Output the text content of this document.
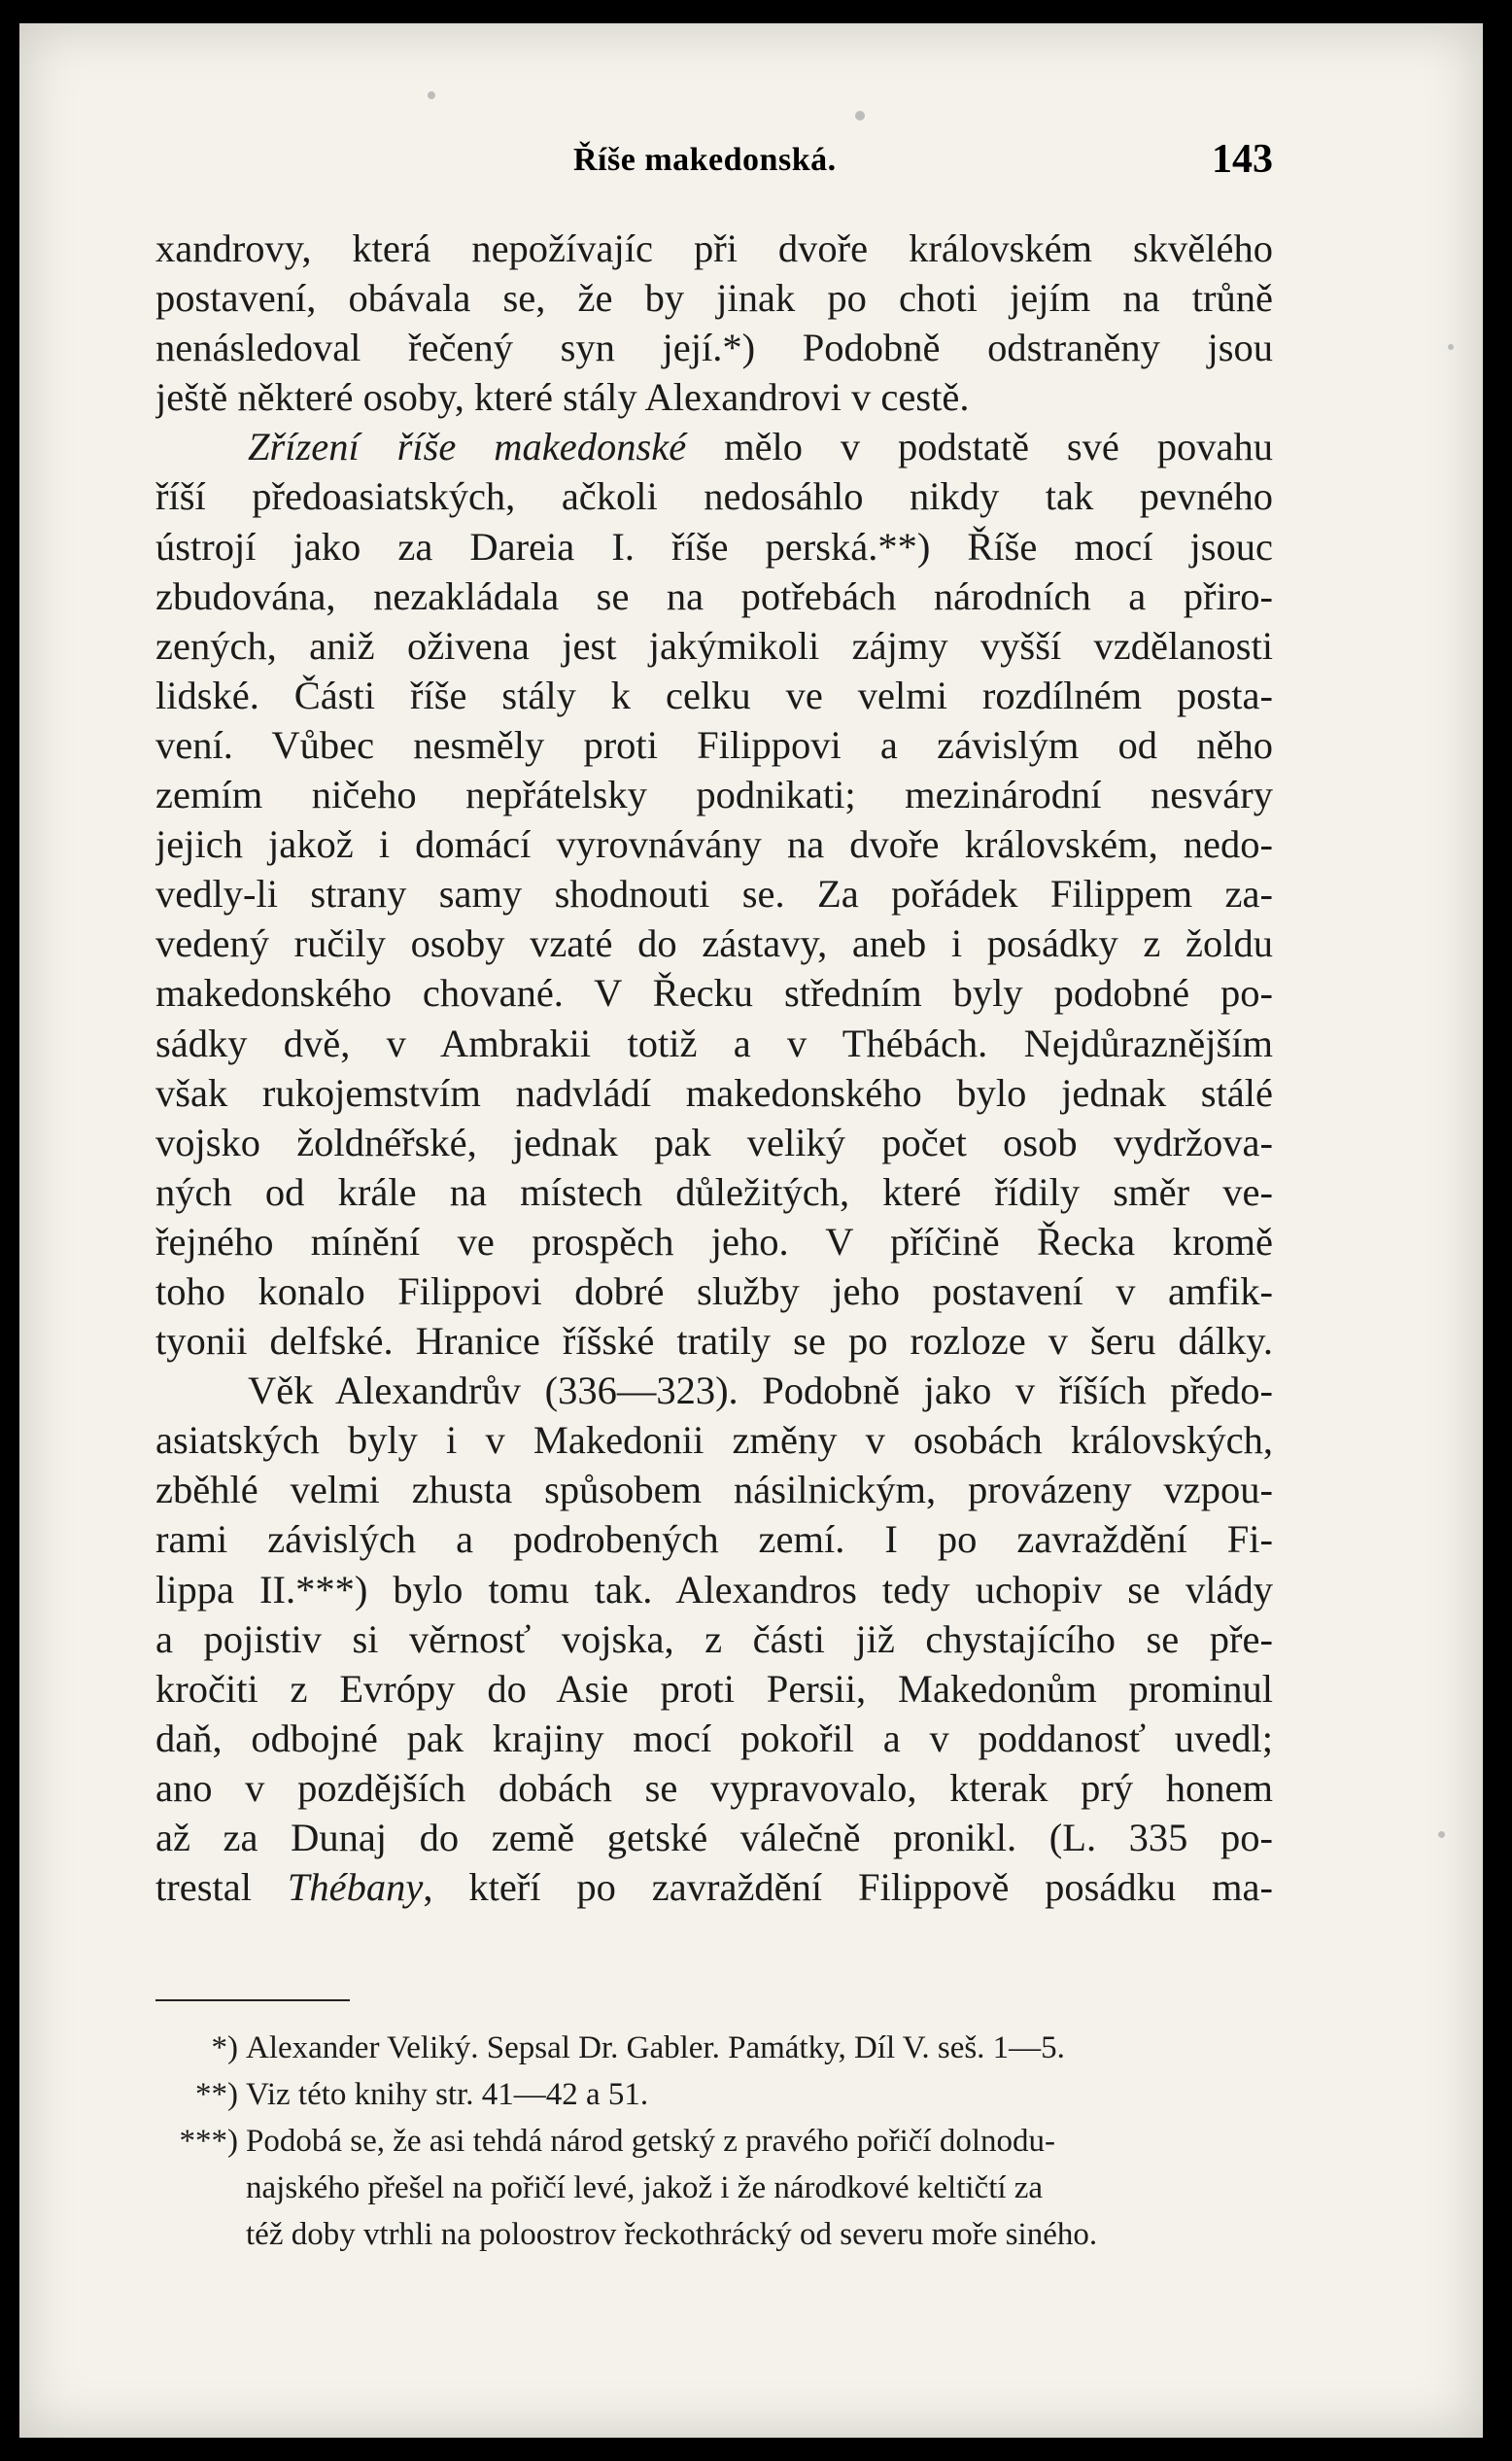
Říše makedonská.	143
xandrovy, která nepožívajíc při dvoře královském skvělého
postavení, obávala se, že by jinak po choti jejím na trůně
nenásledoval řečený syn její.*) Podobně odstraněny jsou
ještě některé osoby, které stály Alexandrovi v cestě.
Zřízení říše makedonské mělo v podstatě své povahu
říší předoasiatských, ačkoli nedosáhlo nikdy tak pevného
ústrojí jako za Dareia I. říše perská.**) Říše mocí jsouc
zbudována, nezakládala se na potřebách národních a přiro-
zených, aniž oživena jest jakýmikoli zájmy vyšší vzdělanosti
lidské. Části říše stály k celku ve velmi rozdílném posta-
vení. Vůbec nesměly proti Filippovi a závislým od něho
zemím ničeho nepřátelsky podnikati; mezinárodní nesváry
jejich jakož i domácí vyrovnávány na dvoře královském, nedo-
vedly-li strany samy shodnouti se. Za pořádek Filippem za-
vedený ručily osoby vzaté do zástavy, aneb i posádky z žoldu
makedonského chované. V Řecku středním byly podobné po-
sádky dvě, v Ambrakii totiž a v Thébách. Nejdůraznějším
však rukojemstvím nadvládí makedonského bylo jednak stálé
vojsko žoldnéřské, jednak pak veliký počet osob vydržova-
ných od krále na místech důležitých, které řídily směr ve-
řejného mínění ve prospěch jeho. V příčině Řecka kromě
toho konalo Filippovi dobré služby jeho postavení v amfik-
tyonii delfské. Hranice říšské tratily se po rozloze v šeru dálky.
Věk Alexandrův (336—323). Podobně jako v říších předo-
asiatských byly i v Makedonii změny v osobách královských,
zběhlé velmi zhusta spůsobem násilnickým, provázeny vzpou-
rami závislých a podrobených zemí. I po zavraždění Fi-
lippa II.***) bylo tomu tak. Alexandros tedy uchopiv se vlády
a pojistiv si věrnosť vojska, z části již chystajícího se pře-
kročiti z Evrópy do Asie proti Persii, Makedonům prominul
daň, odbojné pak krajiny mocí pokořil a v poddanosť uvedl;
ano v pozdějších dobách se vypravovalo, kterak prý honem
až za Dunaj do země getské válečně pronikl. (L. 335 po-
trestal Thébany, kteří po zavraždění Filippově posádku ma-
*) Alexander Veliký. Sepsal Dr. Gabler. Památky, Díl V. seš. 1—5.
**) Viz této knihy str. 41—42 a 51.
***) Podobá se, že asi tehdá národ getský z pravého pořičí dolnodu-
najského přešel na pořičí levé, jakož i že národkové keltičtí za
též doby vtrhli na poloostrov řeckothrácký od severu moře siného.
